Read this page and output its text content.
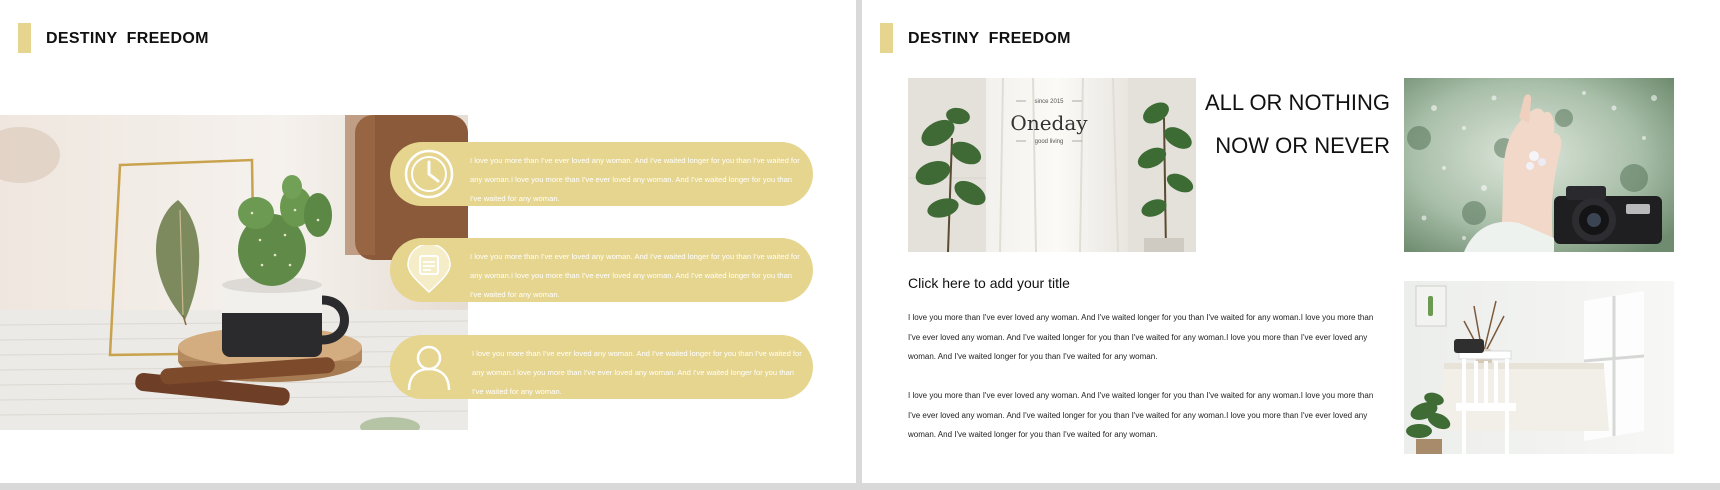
DESTINY  FREEDOM
I love you more than I've ever loved any woman. And I've waited longer for you than I've waited for any woman.I love you more than I've ever loved any woman. And I've waited longer for you than I've waited for any woman.
I love you more than I've ever loved any woman. And I've waited longer for you than I've waited for any woman.I love you more than I've ever loved any woman. And I've waited longer for you than I've waited for any woman.
I love you more than I've ever loved any woman. And I've waited longer for you than I've waited for any woman.I love you more than I've ever loved any woman. And I've waited longer for you than I've waited for any woman.
DESTINY  FREEDOM
since 2015
Oneday
good living
ALL OR NOTHING
NOW OR NEVER
Click here to add your title
I love you more than I've ever loved any woman. And I've waited longer for you than I've waited for any woman.I love you more than I've ever loved any woman. And I've waited longer for you than I've waited for any woman.I love you more than I've ever loved any woman. And I've waited longer for you than I've waited for any woman.
I love you more than I've ever loved any woman. And I've waited longer for you than I've waited for any woman.I love you more than I've ever loved any woman. And I've waited longer for you than I've waited for any woman.I love you more than I've ever loved any woman. And I've waited longer for you than I've waited for any woman.
